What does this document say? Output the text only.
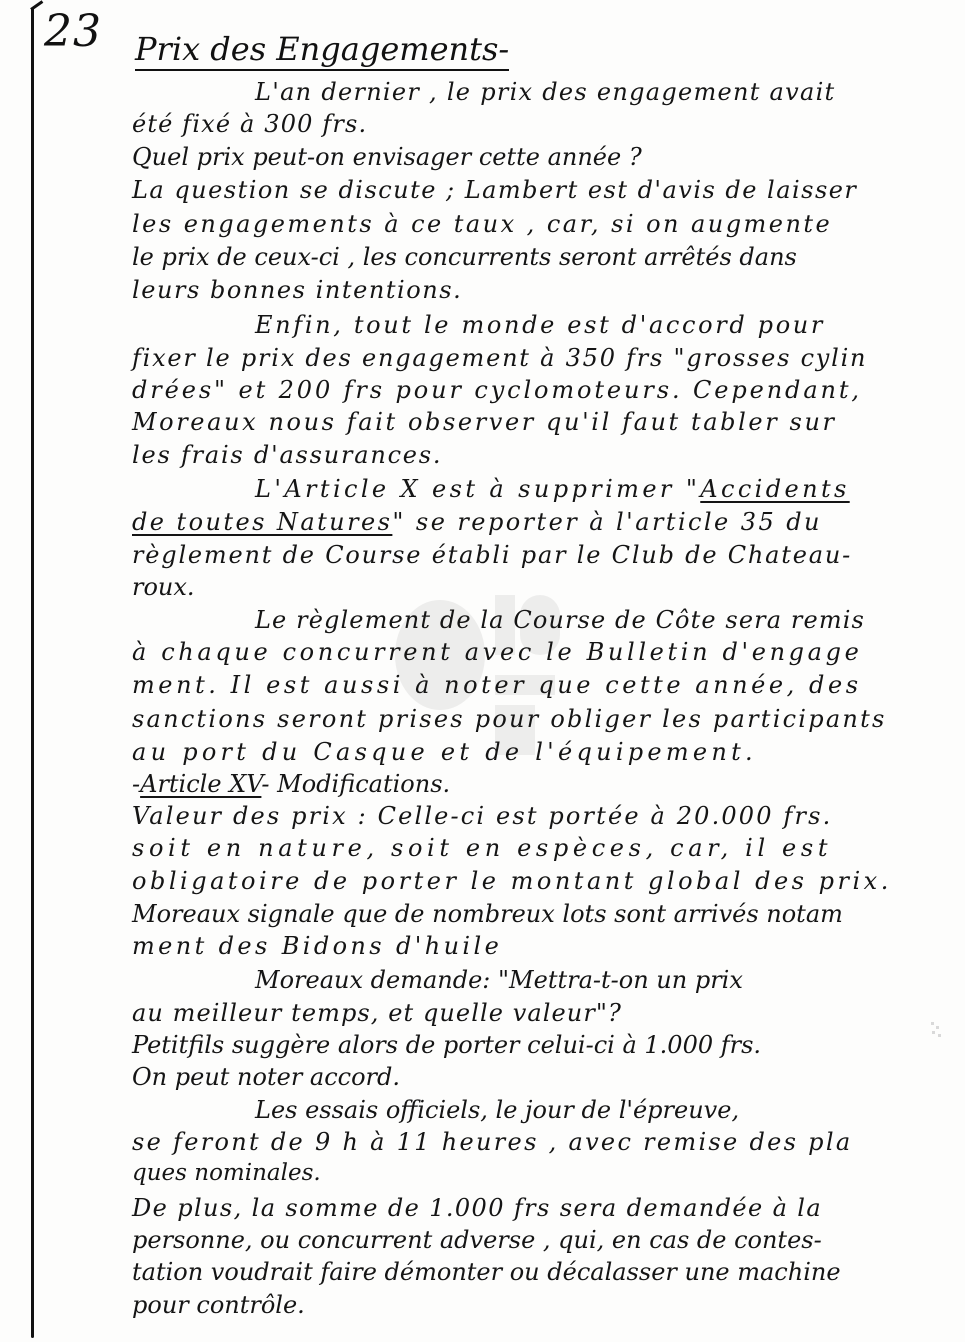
23 Prix des Engagements-
L'an dernier , le prix des engagement avait
été fixé à 300 frs.
Quel prix peut-on envisager cette année ?
La question se discute ; Lambert est d'avis de laisser
les engagements à ce taux , car, si on augmente
le prix de ceux-ci , les concurrents seront arrêtés dans
leurs bonnes intentions.
Enfin, tout le monde est d'accord pour
fixer le prix des engagement à 350 frs "grosses cylin
drées" et 200 frs pour cyclomoteurs. Cependant,
Moreaux nous fait observer qu'il faut tabler sur
les frais d'assurances.
L'Article X est à supprimer "Accidents
de toutes Natures" se reporter à l'article 35 du
règlement de Course établi par le Club de Chateau-
roux.
Le règlement de la Course de Côte sera remis
à chaque concurrent avec le Bulletin d'engage
ment. Il est aussi à noter que cette année, des
sanctions seront prises pour obliger les participants
au port du Casque et de l'équipement.
-Article XV- Modifications.
Valeur des prix : Celle-ci est portée à 20.000 frs.
soit en nature, soit en espèces, car, il est
obligatoire de porter le montant global des prix.
Moreaux signale que de nombreux lots sont arrivés notam
ment des Bidons d'huile
Moreaux demande: "Mettra-t-on un prix
au meilleur temps, et quelle valeur"?
Petitfils suggère alors de porter celui-ci à 1.000 frs.
On peut noter accord.
Les essais officiels, le jour de l'épreuve,
se feront de 9 h à 11 heures , avec remise des pla
ques nominales.
De plus, la somme de 1.000 frs sera demandée à la
personne, ou concurrent adverse , qui, en cas de contes-
tation voudrait faire démonter ou décalasser une machine
pour contrôle.
